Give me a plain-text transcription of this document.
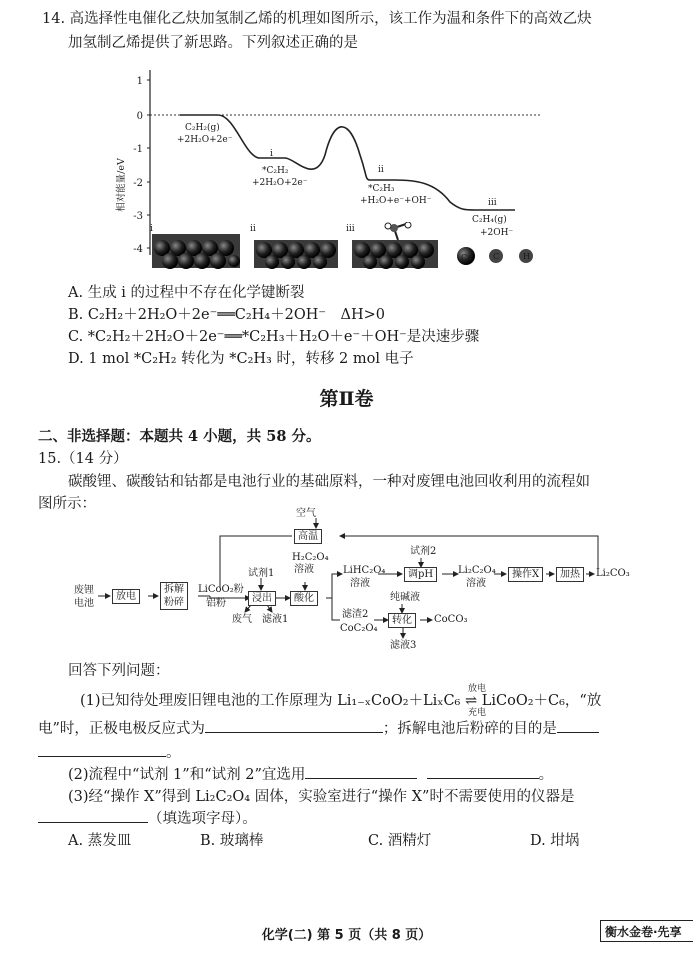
14. 高选择性电催化乙炔加氢制乙烯的机理如图所示，该工作为温和条件下的高效乙炔
加氢制乙烯提供了新思路。下列叙述正确的是
相对能量/eV
1
0
-1
-2
-3
-4
C₂H₂(g)
+2H₂O+2e⁻
i
*C₂H₂
+2H₂O+2e⁻
ii
*C₂H₃
+H₂O+e⁻+OH⁻	iii
C₂H₄(g)
+2OH⁻
i	ii	iii
Cu	C	H
A. 生成 i 的过程中不存在化学键断裂
B. C₂H₂＋2H₂O＋2e⁻══C₂H₄＋2OH⁻　ΔH>0
C. *C₂H₂＋2H₂O＋2e⁻══*C₂H₃＋H₂O＋e⁻＋OH⁻是决速步骤
D. 1 mol *C₂H₂ 转化为 *C₂H₃ 时，转移 2 mol 电子
第Ⅱ卷
二、非选择题：本题共 4 小题，共 58 分。
15.（14 分）
碳酸锂、碳酸钴和钴都是电池行业的基础原料，一种对废锂电池回收利用的流程如
图所示：
空气
高温
试剂1
H₂C₂O₄
溶液
试剂2
废锂
电池
放电
拆解
粉碎
LiCoO₂粉
铝粉	浸出	酸化
废气 滤液1
LiHC₂O₄
溶液
调pH	Li₂C₂O₄
溶液
操作X	加热	Li₂CO₃
滤渣2
CoC₂O₄
纯碱液
转化	CoCO₃
滤液3
回答下列问题：
(1)已知待处理废旧锂电池的工作原理为 Li₁₋ₓCoO₂＋LiₓC₆ ⇌ LiCoO₂＋C₆，“放
放电
充电
电”时，正极电极反应式为	；拆解电池后粉碎的目的是
。
(2)流程中“试剂 1”和“试剂 2”宜选用	。
(3)经“操作 X”得到 Li₂C₂O₄ 固体，实验室进行“操作 X”时不需要使用的仪器是
（填选项字母）。
A. 蒸发皿	B. 玻璃棒	C. 酒精灯	D. 坩埚
化学(二) 第 5 页（共 8 页）	衡水金卷·先享
